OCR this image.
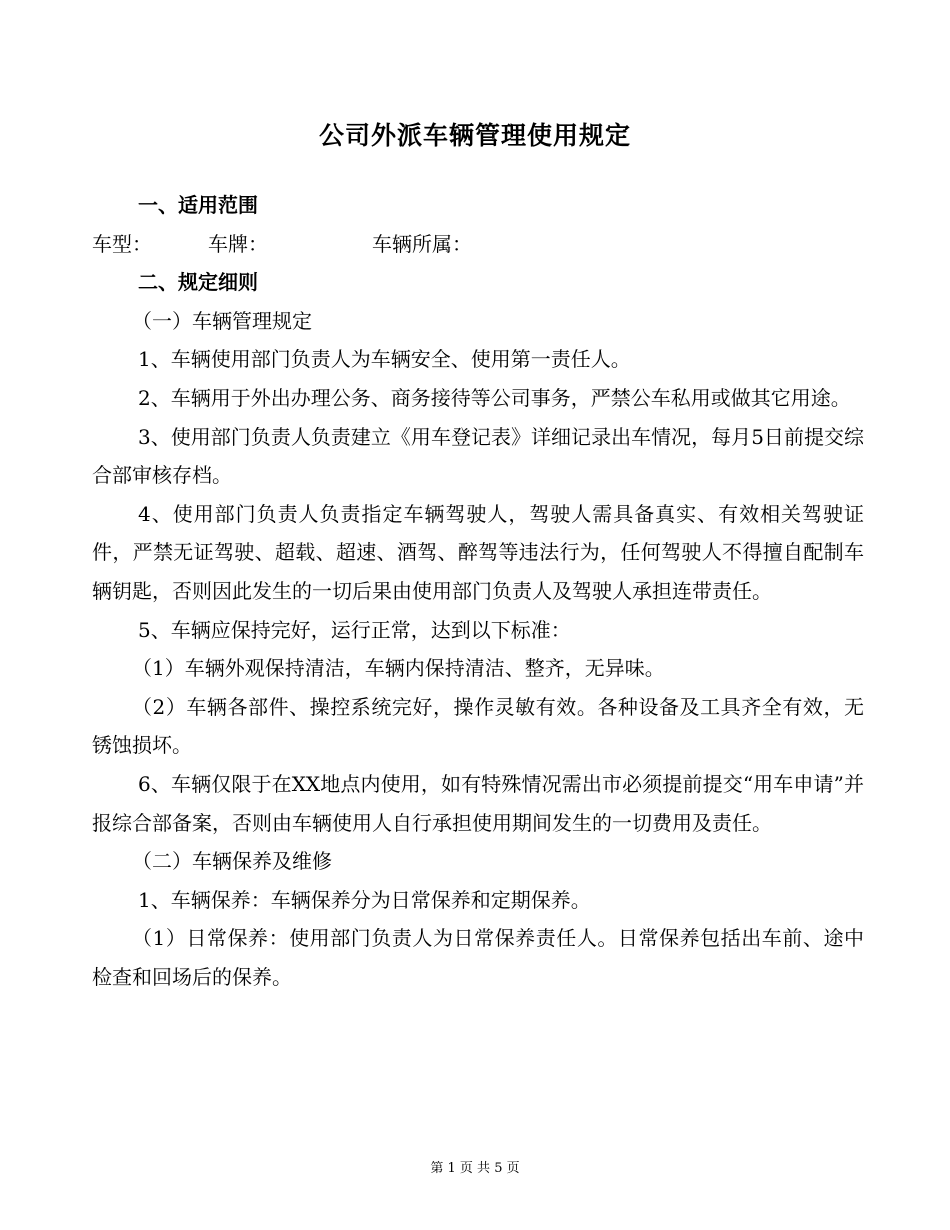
公司外派车辆管理使用规定

一、适用范围

车型：	车牌：	车辆所属：

二、规定细则

（一）车辆管理规定

1、车辆使用部门负责人为车辆安全、使用第一责任人。

2、车辆用于外出办理公务、商务接待等公司事务，严禁公车私用或做其它用途。

3、使用部门负责人负责建立《用车登记表》详细记录出车情况，每月5日前提交综合部审核存档。

4、使用部门负责人负责指定车辆驾驶人，驾驶人需具备真实、有效相关驾驶证件，严禁无证驾驶、超载、超速、酒驾、醉驾等违法行为，任何驾驶人不得擅自配制车辆钥匙，否则因此发生的一切后果由使用部门负责人及驾驶人承担连带责任。

5、车辆应保持完好，运行正常，达到以下标准：

（1）车辆外观保持清洁，车辆内保持清洁、整齐，无异味。

（2）车辆各部件、操控系统完好，操作灵敏有效。各种设备及工具齐全有效，无锈蚀损坏。

6、车辆仅限于在XX地点内使用，如有特殊情况需出市必须提前提交“用车申请”并报综合部备案，否则由车辆使用人自行承担使用期间发生的一切费用及责任。

（二）车辆保养及维修

1、车辆保养：车辆保养分为日常保养和定期保养。

（1）日常保养：使用部门负责人为日常保养责任人。日常保养包括出车前、途中检查和回场后的保养。

第 1 页 共 5 页
